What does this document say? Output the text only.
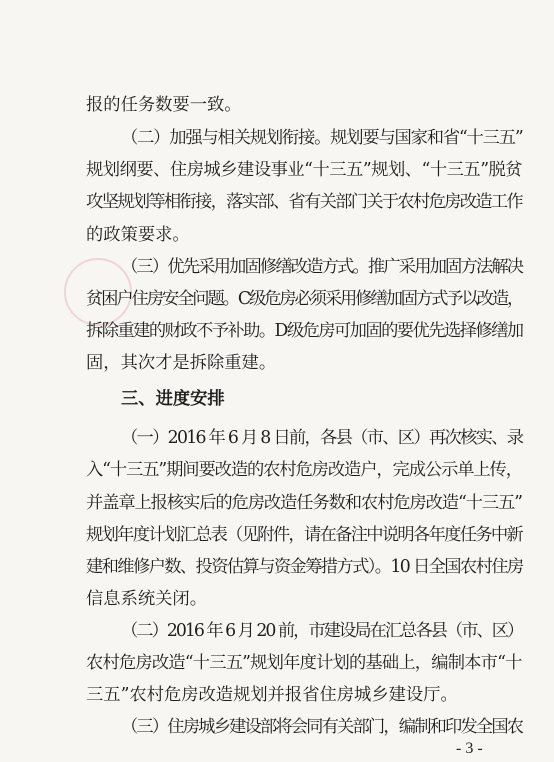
报的任务数要一致。
（二）加强与相关规划衔接。规划要与国家和省“十三五”
规划纲要、住房城乡建设事业“十三五”规划、“十三五”脱贫
攻坚规划等相衔接，落实部、省有关部门关于农村危房改造工作
的政策要求。
（三）优先采用加固修缮改造方式。推广采用加固方法解决
贫困户住房安全问题。C级危房必须采用修缮加固方式予以改造，
拆除重建的财政不予补助。D级危房可加固的要优先选择修缮加
固，其次才是拆除重建。
三、进度安排
（一）2016 年 6 月 8 日前，各县（市、区）再次核实、录
入“十三五”期间要改造的农村危房改造户，完成公示单上传，
并盖章上报核实后的危房改造任务数和农村危房改造“十三五”
规划年度计划汇总表（见附件，请在备注中说明各年度任务中新
建和维修户数、投资估算与资金筹措方式）。10 日全国农村住房
信息系统关闭。
（二）2016 年 6 月 20 前，市建设局在汇总各县（市、区）
农村危房改造“十三五”规划年度计划的基础上，编制本市“十
三五”农村危房改造规划并报省住房城乡建设厅。
（三）住房城乡建设部将会同有关部门，编制和印发全国农
- 3 -
